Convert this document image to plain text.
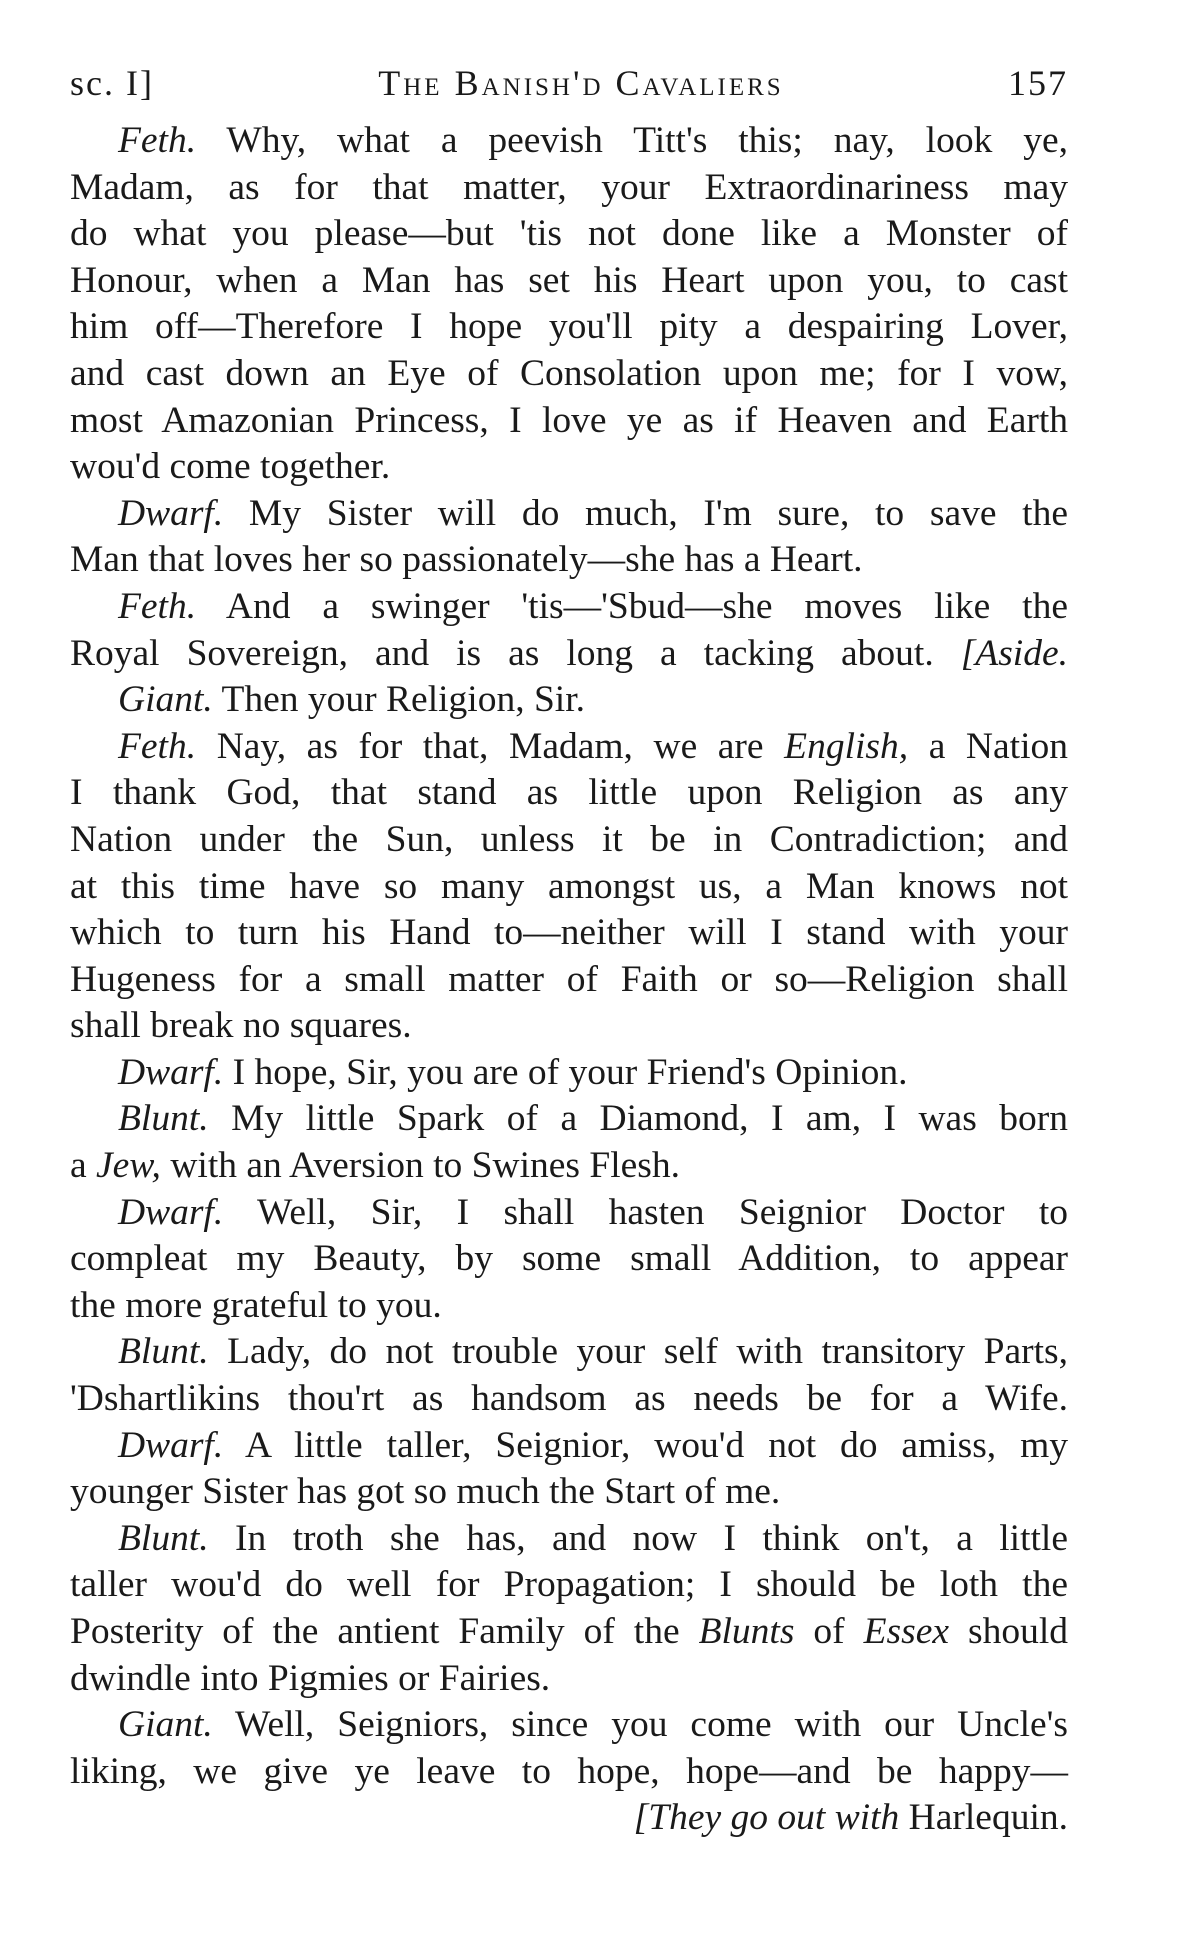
sc. I]	The Banish'd Cavaliers	157
Feth. Why, what a peevish Titt's this; nay, look ye,
Madam, as for that matter, your Extraordinariness may
do what you please—but 'tis not done like a Monster of
Honour, when a Man has set his Heart upon you, to cast
him off—Therefore I hope you'll pity a despairing Lover,
and cast down an Eye of Consolation upon me; for I vow,
most Amazonian Princess, I love ye as if Heaven and Earth
wou'd come together.
Dwarf. My Sister will do much, I'm sure, to save the
Man that loves her so passionately—she has a Heart.
Feth. And a swinger 'tis—'Sbud—she moves like the
Royal Sovereign, and is as long a tacking about. [Aside.
Giant. Then your Religion, Sir.
Feth. Nay, as for that, Madam, we are English, a Nation
I thank God, that stand as little upon Religion as any
Nation under the Sun, unless it be in Contradiction; and
at this time have so many amongst us, a Man knows not
which to turn his Hand to—neither will I stand with your
Hugeness for a small matter of Faith or so—Religion shall
shall break no squares.
Dwarf. I hope, Sir, you are of your Friend's Opinion.
Blunt. My little Spark of a Diamond, I am, I was born
a Jew, with an Aversion to Swines Flesh.
Dwarf. Well, Sir, I shall hasten Seignior Doctor to
compleat my Beauty, by some small Addition, to appear
the more grateful to you.
Blunt. Lady, do not trouble your self with transitory Parts,
'Dshartlikins thou'rt as handsom as needs be for a Wife.
Dwarf. A little taller, Seignior, wou'd not do amiss, my
younger Sister has got so much the Start of me.
Blunt. In troth she has, and now I think on't, a little
taller wou'd do well for Propagation; I should be loth the
Posterity of the antient Family of the Blunts of Essex should
dwindle into Pigmies or Fairies.
Giant. Well, Seigniors, since you come with our Uncle's
liking, we give ye leave to hope, hope—and be happy—
[They go out with Harlequin.
